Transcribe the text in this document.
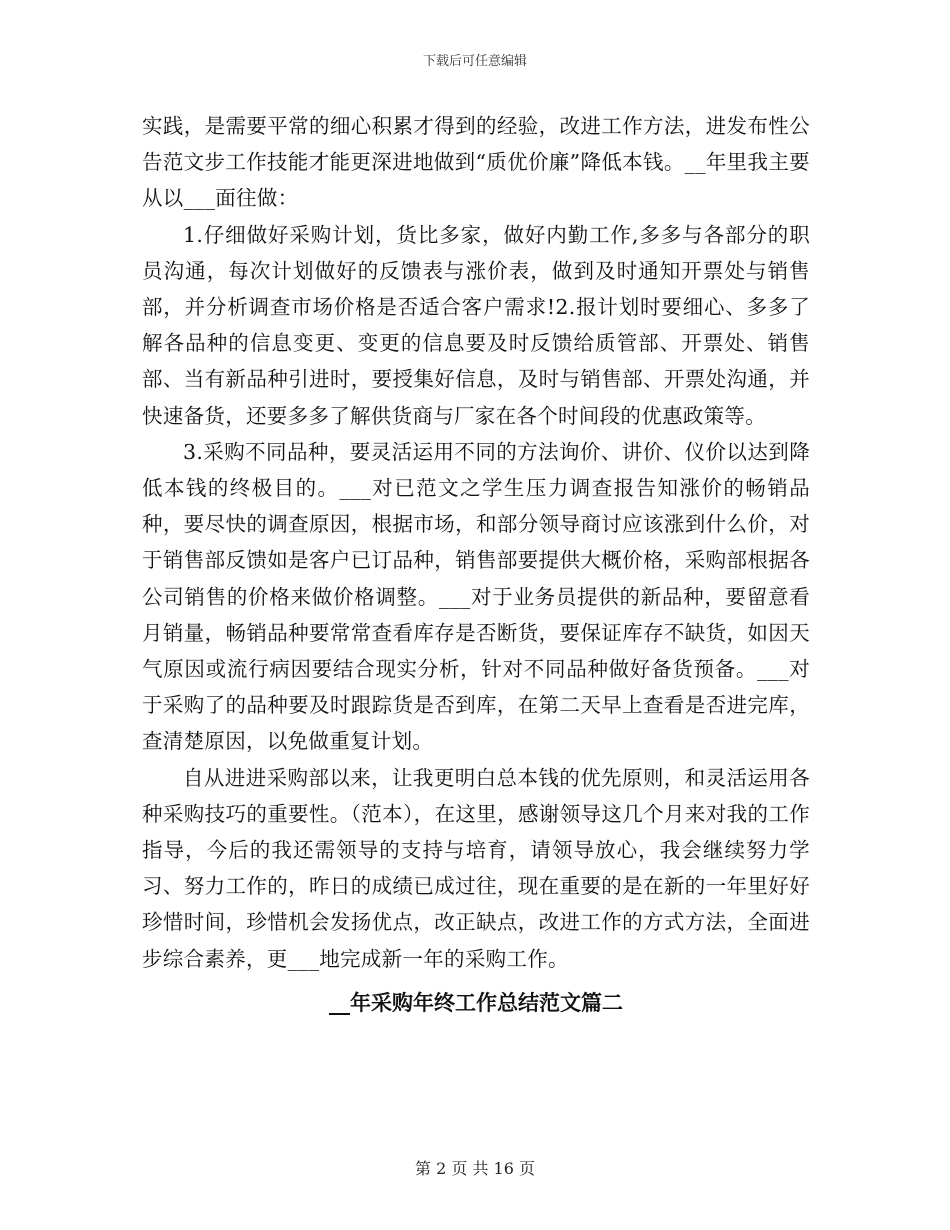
下载后可任意编辑

实践，是需要平常的细心积累才得到的经验，改进工作方法，进发布性公告范文步工作技能才能更深进地做到“质优价廉”降低本钱。__年里我主要从以___面往做：

1.仔细做好采购计划，货比多家，做好内勤工作,多多与各部分的职员沟通，每次计划做好的反馈表与涨价表，做到及时通知开票处与销售部，并分析调查市场价格是否适合客户需求!2.报计划时要细心、多多了解各品种的信息变更、变更的信息要及时反馈给质管部、开票处、销售部、当有新品种引进时，要授集好信息，及时与销售部、开票处沟通，并快速备货，还要多多了解供货商与厂家在各个时间段的优惠政策等。

3.采购不同品种，要灵活运用不同的方法询价、讲价、仪价以达到降低本钱的终极目的。___对已范文之学生压力调查报告知涨价的畅销品种，要尽快的调查原因，根据市场，和部分领导商讨应该涨到什么价，对于销售部反馈如是客户已订品种，销售部要提供大概价格，采购部根据各公司销售的价格来做价格调整。___对于业务员提供的新品种，要留意看月销量，畅销品种要常常查看库存是否断货，要保证库存不缺货，如因天气原因或流行病因要结合现实分析，针对不同品种做好备货预备。___对于采购了的品种要及时跟踪货是否到库，在第二天早上查看是否进完库，查清楚原因，以免做重复计划。

自从进进采购部以来，让我更明白总本钱的优先原则，和灵活运用各种采购技巧的重要性。（范本），在这里，感谢领导这几个月来对我的工作指导，今后的我还需领导的支持与培育，请领导放心，我会继续努力学习、努力工作的，昨日的成绩已成过往，现在重要的是在新的一年里好好珍惜时间，珍惜机会发扬优点，改正缺点，改进工作的方式方法，全面进步综合素养，更___地完成新一年的采购工作。

__年采购年终工作总结范文篇二
第 2 页 共 16 页
